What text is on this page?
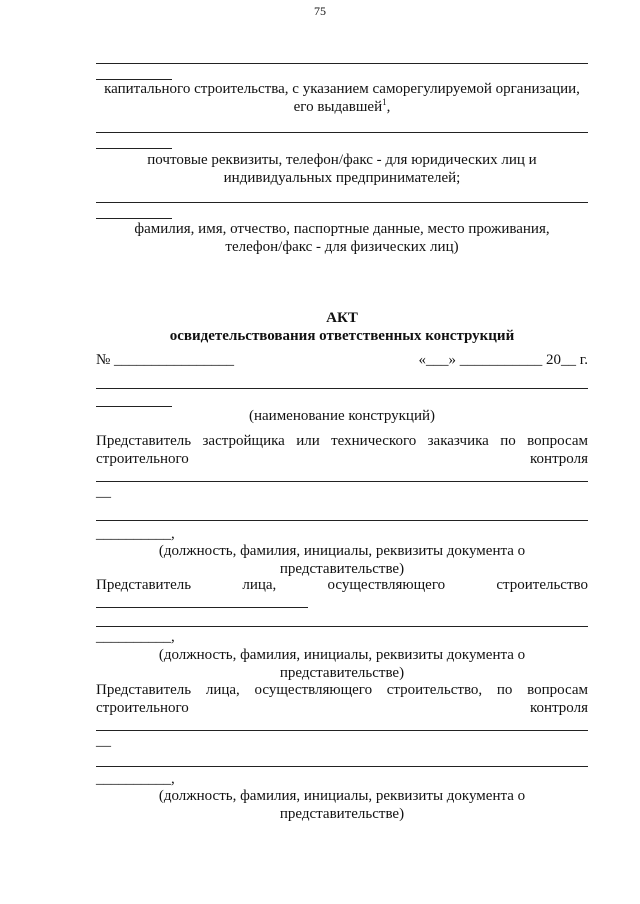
75
капитального строительства, с указанием саморегулируемой организации,
его выдавшей$^1$,
почтовые реквизиты, телефон/факс - для юридических лиц и
индивидуальных предпринимателей;
фамилия, имя, отчество, паспортные данные, место проживания,
телефон/факс - для физических лиц)
АКТ
освидетельствования ответственных конструкций
№ ________________	«___» ___________ 20__ г.
(наименование конструкций)
Представитель застройщика или технического заказчика по вопросам
строительного контроля
—
__________,
(должность, фамилия, инициалы, реквизиты документа о
представительстве)
Представитель лица, осуществляющего строительство
__________,
(должность, фамилия, инициалы, реквизиты документа о
представительстве)
Представитель лица, осуществляющего строительство, по вопросам
строительного контроля
—
__________,
(должность, фамилия, инициалы, реквизиты документа о
представительстве)
